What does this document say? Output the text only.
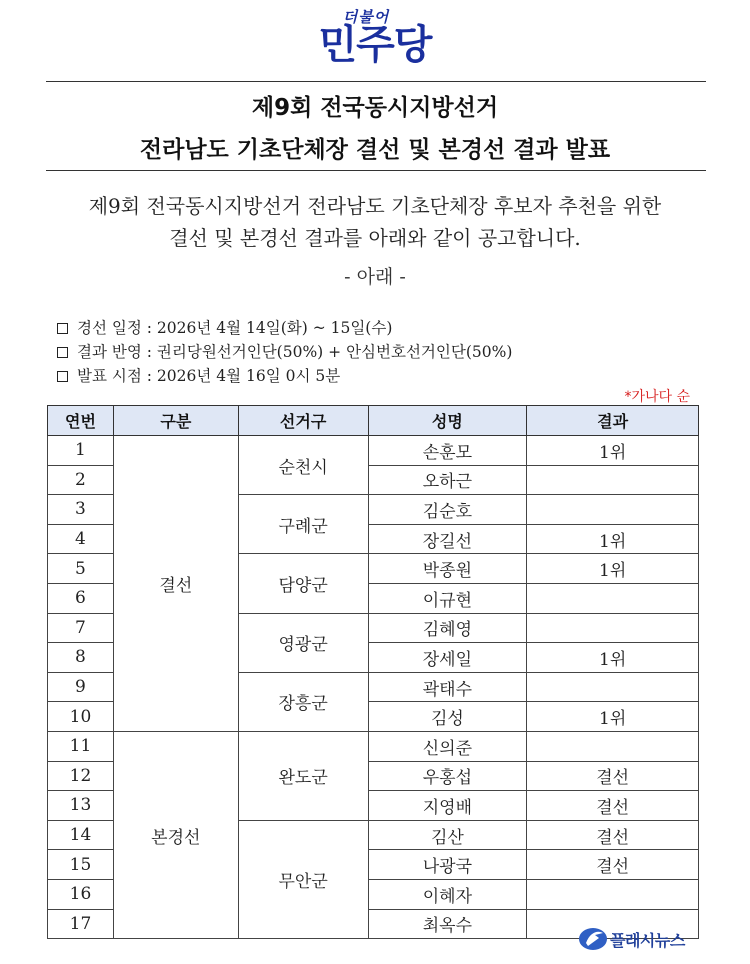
더불어
민주당
제9회 전국동시지방선거
전라남도 기초단체장 결선 및 본경선 결과 발표
제9회 전국동시지방선거 전라남도 기초단체장 후보자 추천을 위한
결선 및 본경선 결과를 아래와 같이 공고합니다.
- 아래 -
경선 일정 : 2026년 4월 14일(화) ~ 15일(수)
결과 반영 : 권리당원선거인단(50%) + 안심번호선거인단(50%)
발표 시점 : 2026년 4월 16일 0시 5분
*가나다 순
연번	구분	선거구	성명	결과
1	결선	순천시	손훈모	1위
2			오하근	
3		구례군	김순호	
4			장길선	1위
5		담양군	박종원	1위
6			이규현	
7		영광군	김혜영	
8			장세일	1위
9		장흥군	곽태수	
10			김성	1위
11	본경선	완도군	신의준	
12			우홍섭	결선
13			지영배	결선
14		무안군	김산	결선
15			나광국	결선
16			이혜자	
17			최옥수	
플래시뉴스
